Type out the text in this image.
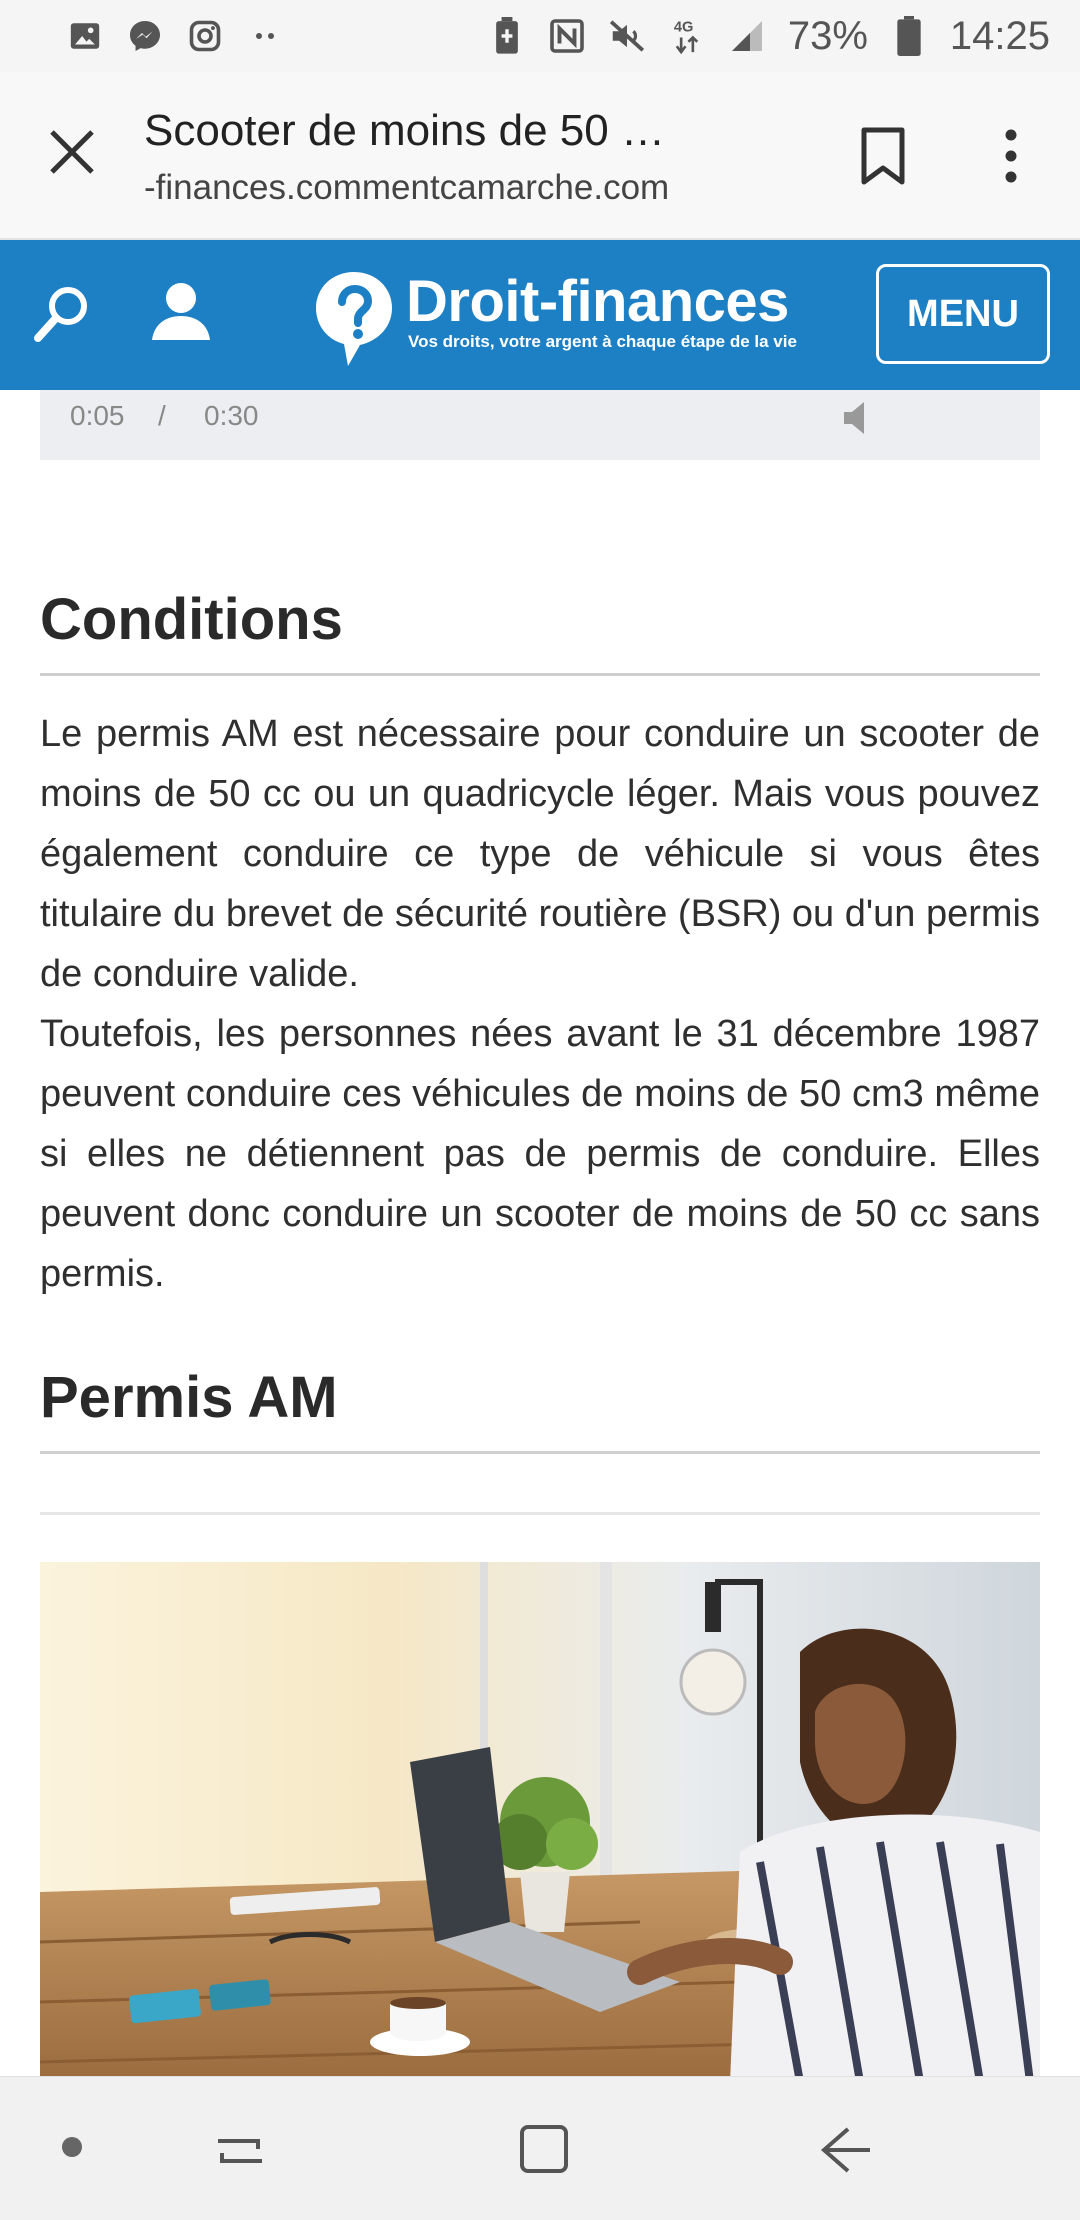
4G 73% 14:25
Scooter de moins de 50 …
-finances.commentcamarche.com
Droit-finances
Vos droits, votre argent à chaque étape de la vie
MENU
0:05 / 0:30
Conditions

Le permis AM est nécessaire pour conduire un scooter de moins de 50 cc ou un quadricycle léger. Mais vous pouvez également conduire ce type de véhicule si vous êtes titulaire du brevet de sécurité routière (BSR) ou d'un permis de conduire valide.

Toutefois, les personnes nées avant le 31 décembre 1987 peuvent conduire ces véhicules de moins de 50 cm3 même si elles ne détiennent pas de permis de conduire. Elles peuvent donc conduire un scooter de moins de 50 cc sans permis.

Permis AM
